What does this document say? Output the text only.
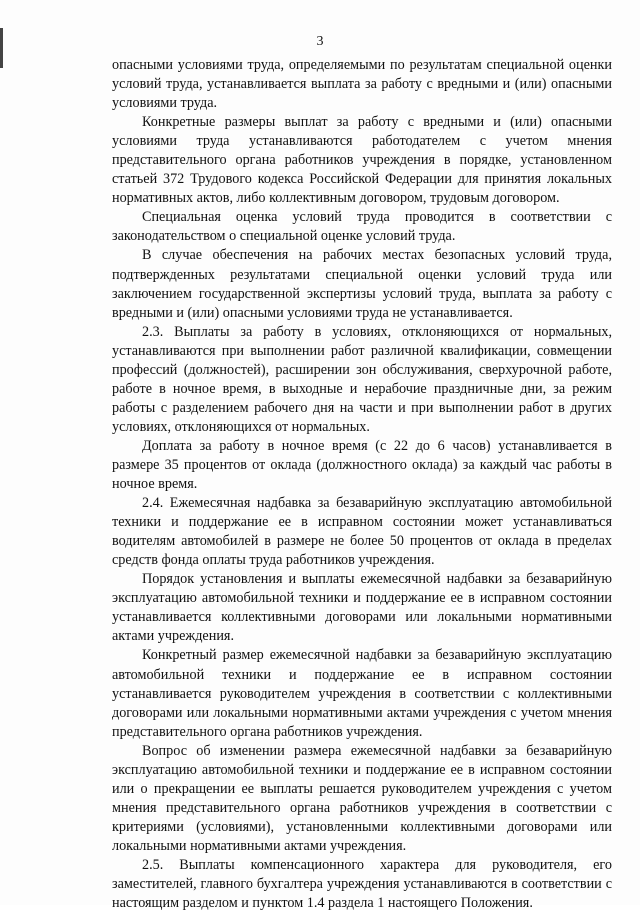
3

опасными условиями труда, определяемыми по результатам специальной оценки условий труда, устанавливается выплата за работу с вредными и (или) опасными условиями труда.

Конкретные размеры выплат за работу с вредными и (или) опасными условиями труда устанавливаются работодателем с учетом мнения представительного органа работников учреждения в порядке, установленном статьей 372 Трудового кодекса Российской Федерации для принятия локальных нормативных актов, либо коллективным договором, трудовым договором.

Специальная оценка условий труда проводится в соответствии с законодательством о специальной оценке условий труда.

В случае обеспечения на рабочих местах безопасных условий труда, подтвержденных результатами специальной оценки условий труда или заключением государственной экспертизы условий труда, выплата за работу с вредными и (или) опасными условиями труда не устанавливается.

2.3. Выплаты за работу в условиях, отклоняющихся от нормальных, устанавливаются при выполнении работ различной квалификации, совмещении профессий (должностей), расширении зон обслуживания, сверхурочной работе, работе в ночное время, в выходные и нерабочие праздничные дни, за режим работы с разделением рабочего дня на части и при выполнении работ в других условиях, отклоняющихся от нормальных.

Доплата за работу в ночное время (с 22 до 6 часов) устанавливается в размере 35 процентов от оклада (должностного оклада) за каждый час работы в ночное время.

2.4. Ежемесячная надбавка за безаварийную эксплуатацию автомобильной техники и поддержание ее в исправном состоянии может устанавливаться водителям автомобилей в размере не более 50 процентов от оклада в пределах средств фонда оплаты труда работников учреждения.

Порядок установления и выплаты ежемесячной надбавки за безаварийную эксплуатацию автомобильной техники и поддержание ее в исправном состоянии устанавливается коллективными договорами или локальными нормативными актами учреждения.

Конкретный размер ежемесячной надбавки за безаварийную эксплуатацию автомобильной техники и поддержание ее в исправном состоянии устанавливается руководителем учреждения в соответствии с коллективными договорами или локальными нормативными актами учреждения с учетом мнения представительного органа работников учреждения.

Вопрос об изменении размера ежемесячной надбавки за безаварийную эксплуатацию автомобильной техники и поддержание ее в исправном состоянии или о прекращении ее выплаты решается руководителем учреждения с учетом мнения представительного органа работников учреждения в соответствии с критериями (условиями), установленными коллективными договорами или локальными нормативными актами учреждения.

2.5. Выплаты компенсационного характера для руководителя, его заместителей, главного бухгалтера учреждения устанавливаются в соответствии с настоящим разделом и пунктом 1.4 раздела 1 настоящего Положения.
